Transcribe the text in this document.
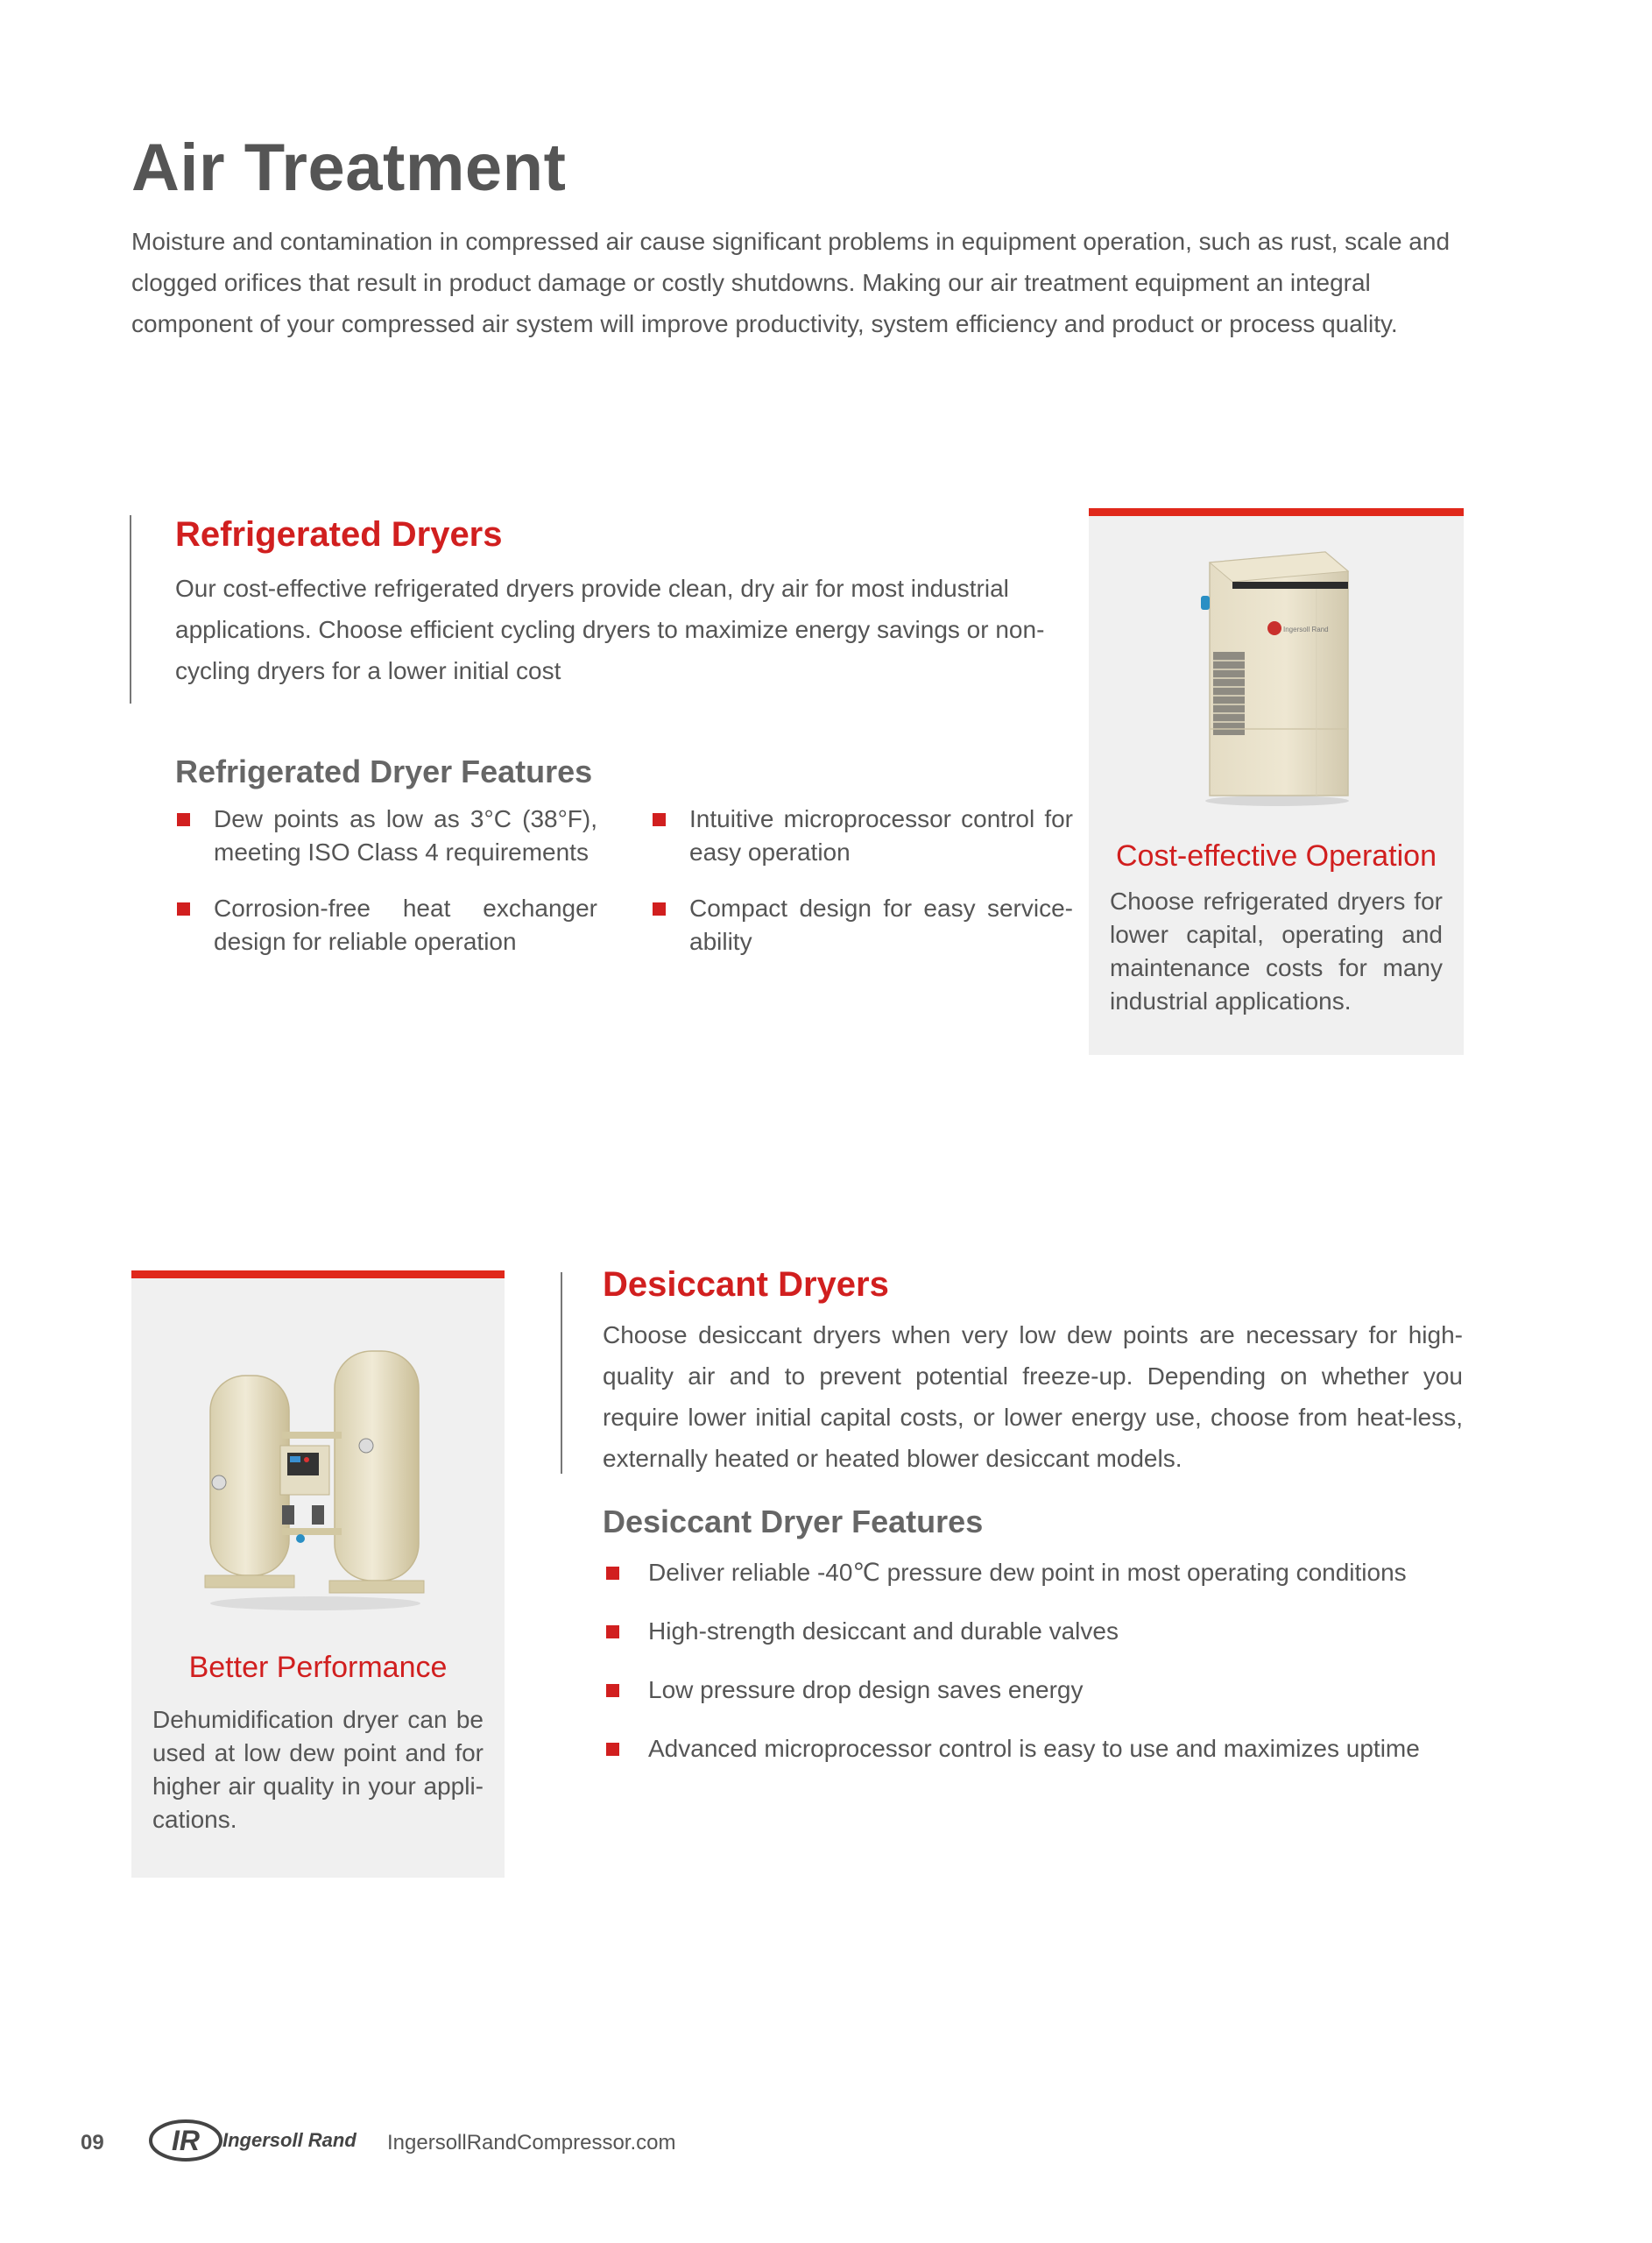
Air Treatment

Moisture and contamination in compressed air cause significant problems in equipment operation, such as rust, scale and clogged orifices that result in product damage or costly shutdowns. Making our air treatment equipment an integral component of your compressed air system will improve productivity, system efficiency and product or process quality.

Refrigerated Dryers

Our cost-effective refrigerated dryers provide clean, dry air for most industrial applications. Choose efficient cycling dryers to maximize energy savings or non-cycling dryers for a lower initial cost

Refrigerated Dryer Features
Dew points as low as 3°C (38°F), meeting ISO Class 4 requirements
Corrosion-free heat exchanger design for reliable operation
Intuitive microprocessor control for easy operation
Compact design for easy service-ability
Ingersoll Rand

Cost-effective Operation

Choose refrigerated dryers for lower capital, operating and maintenance costs for many industrial applications.

Better Performance

Dehumidification dryer can be used at low dew point and for higher air quality in your appli-cations.

Desiccant Dryers

Choose desiccant dryers when very low dew points are necessary for high-quality air and to prevent potential freeze-up. Depending on whether you require lower initial capital costs, or lower energy use, choose from heat-less, externally heated or heated blower desiccant models.

Desiccant Dryer Features
Deliver reliable -40℃ pressure dew point in most operating conditions
High-strength desiccant and durable valves
Low pressure drop design saves energy
Advanced microprocessor control is easy to use and maximizes uptime
09 IR Ingersoll Rand IngersollRandCompressor.com
